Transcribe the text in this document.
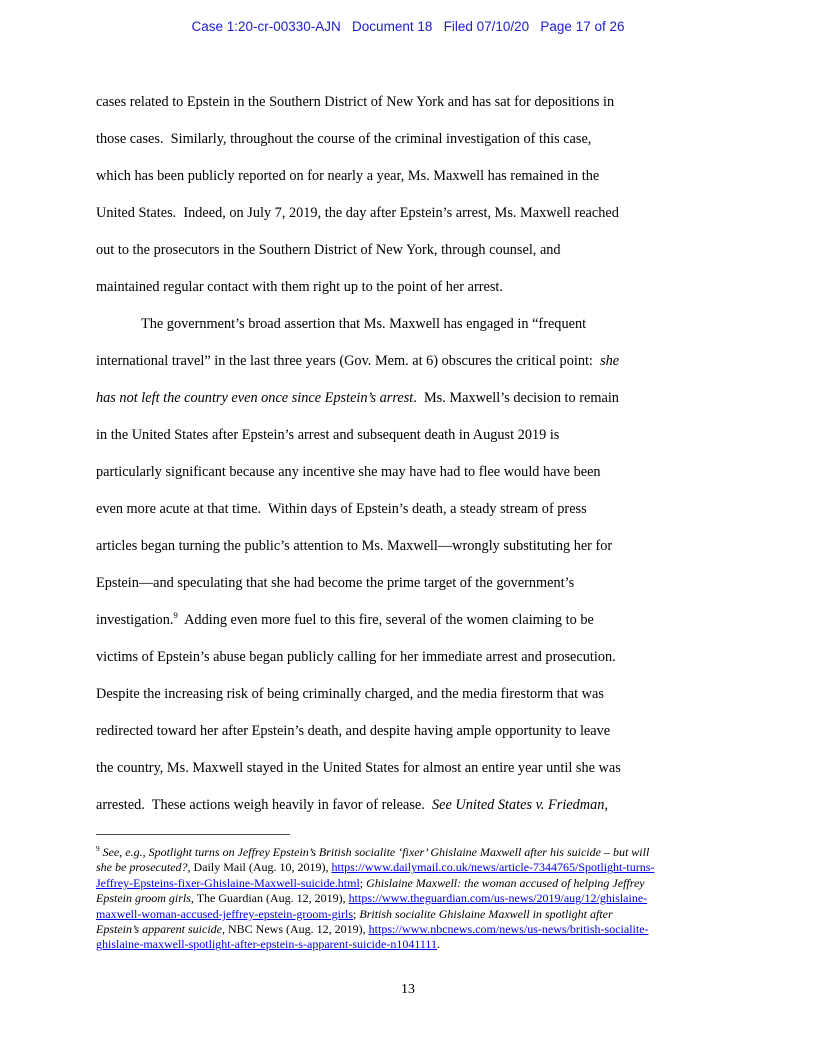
Case 1:20-cr-00330-AJN   Document 18   Filed 07/10/20   Page 17 of 26
cases related to Epstein in the Southern District of New York and has sat for depositions in
those cases.  Similarly, throughout the course of the criminal investigation of this case,
which has been publicly reported on for nearly a year, Ms. Maxwell has remained in the
United States.  Indeed, on July 7, 2019, the day after Epstein’s arrest, Ms. Maxwell reached
out to the prosecutors in the Southern District of New York, through counsel, and
maintained regular contact with them right up to the point of her arrest.
The government’s broad assertion that Ms. Maxwell has engaged in “frequent
international travel” in the last three years (Gov. Mem. at 6) obscures the critical point:  she
has not left the country even once since Epstein’s arrest.  Ms. Maxwell’s decision to remain
in the United States after Epstein’s arrest and subsequent death in August 2019 is
particularly significant because any incentive she may have had to flee would have been
even more acute at that time.  Within days of Epstein’s death, a steady stream of press
articles began turning the public’s attention to Ms. Maxwell—wrongly substituting her for
Epstein—and speculating that she had become the prime target of the government’s
investigation.$^9$  Adding even more fuel to this fire, several of the women claiming to be
victims of Epstein’s abuse began publicly calling for her immediate arrest and prosecution.
Despite the increasing risk of being criminally charged, and the media firestorm that was
redirected toward her after Epstein’s death, and despite having ample opportunity to leave
the country, Ms. Maxwell stayed in the United States for almost an entire year until she was
arrested.  These actions weigh heavily in favor of release.  See United States v. Friedman,
$^9$ See, e.g., Spotlight turns on Jeffrey Epstein’s British socialite ‘fixer’ Ghislaine Maxwell after his suicide – but will
she be prosecuted?, Daily Mail (Aug. 10, 2019), https://www.dailymail.co.uk/news/article-7344765/Spotlight-turns-
Jeffrey-Epsteins-fixer-Ghislaine-Maxwell-suicide.html; Ghislaine Maxwell: the woman accused of helping Jeffrey
Epstein groom girls, The Guardian (Aug. 12, 2019), https://www.theguardian.com/us-news/2019/aug/12/ghislaine-
maxwell-woman-accused-jeffrey-epstein-groom-girls; British socialite Ghislaine Maxwell in spotlight after
Epstein’s apparent suicide, NBC News (Aug. 12, 2019), https://www.nbcnews.com/news/us-news/british-socialite-
ghislaine-maxwell-spotlight-after-epstein-s-apparent-suicide-n1041111.
13
